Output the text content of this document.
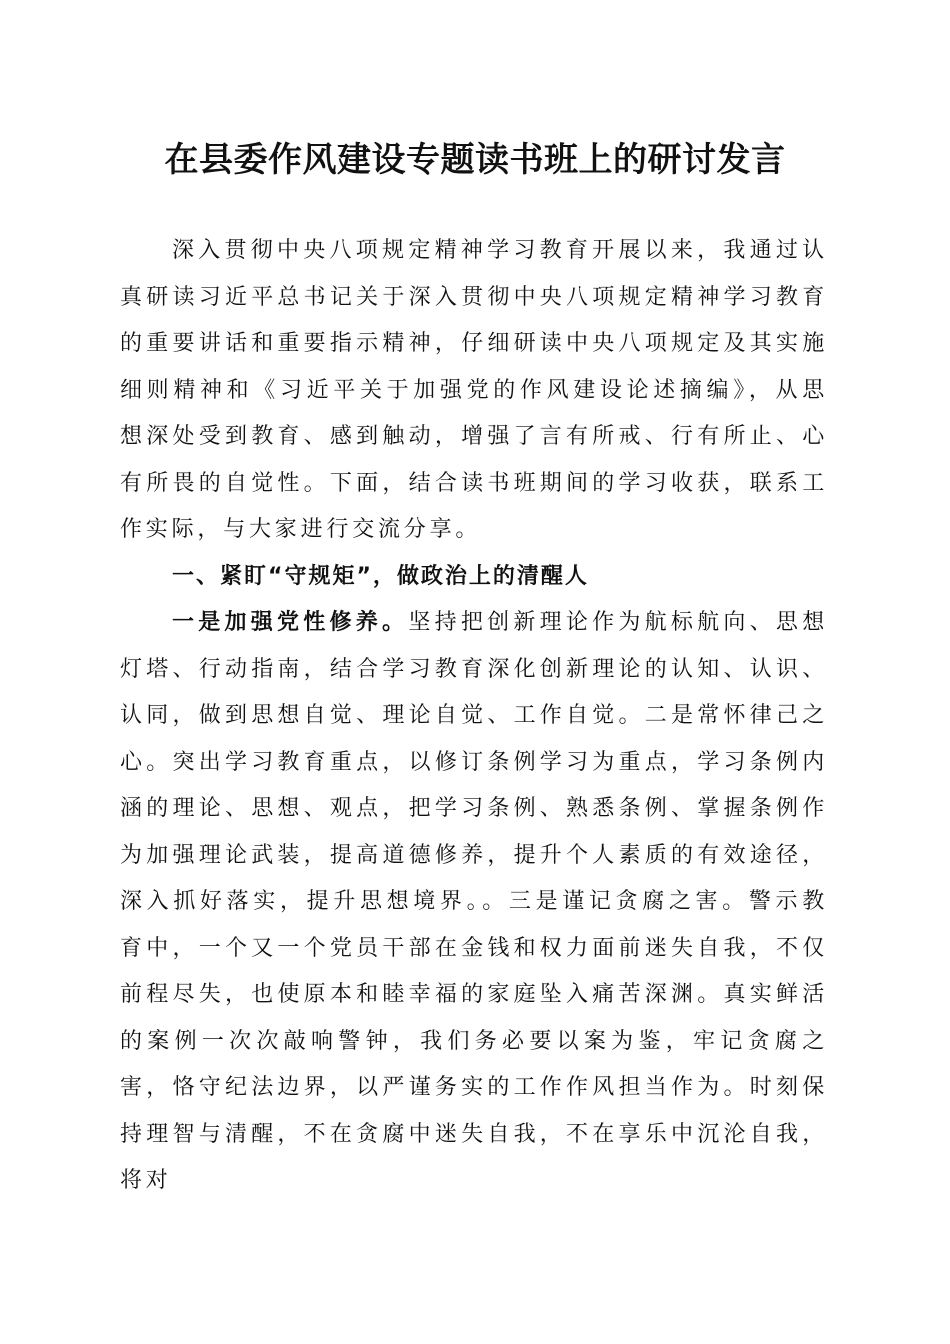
在县委作风建设专题读书班上的研讨发言

深入贯彻中央八项规定精神学习教育开展以来，我通过认真研读习近平总书记关于深入贯彻中央八项规定精神学习教育的重要讲话和重要指示精神，仔细研读中央八项规定及其实施细则精神和《习近平关于加强党的作风建设论述摘编》，从思想深处受到教育、感到触动，增强了言有所戒、行有所止、心有所畏的自觉性。下面，结合读书班期间的学习收获，联系工作实际，与大家进行交流分享。

一、紧盯“守规矩”，做政治上的清醒人

一是加强党性修养。坚持把创新理论作为航标航向、思想灯塔、行动指南，结合学习教育深化创新理论的认知、认识、认同，做到思想自觉、理论自觉、工作自觉。二是常怀律己之心。突出学习教育重点，以修订条例学习为重点，学习条例内涵的理论、思想、观点，把学习条例、熟悉条例、掌握条例作为加强理论武装，提高道德修养，提升个人素质的有效途径，深入抓好落实，提升思想境界。。三是谨记贪腐之害。警示教育中，一个又一个党员干部在金钱和权力面前迷失自我，不仅前程尽失，也使原本和睦幸福的家庭坠入痛苦深渊。真实鲜活的案例一次次敲响警钟，我们务必要以案为鉴，牢记贪腐之害，恪守纪法边界，以严谨务实的工作作风担当作为。时刻保持理智与清醒，不在贪腐中迷失自我，不在享乐中沉沦自我，将对
